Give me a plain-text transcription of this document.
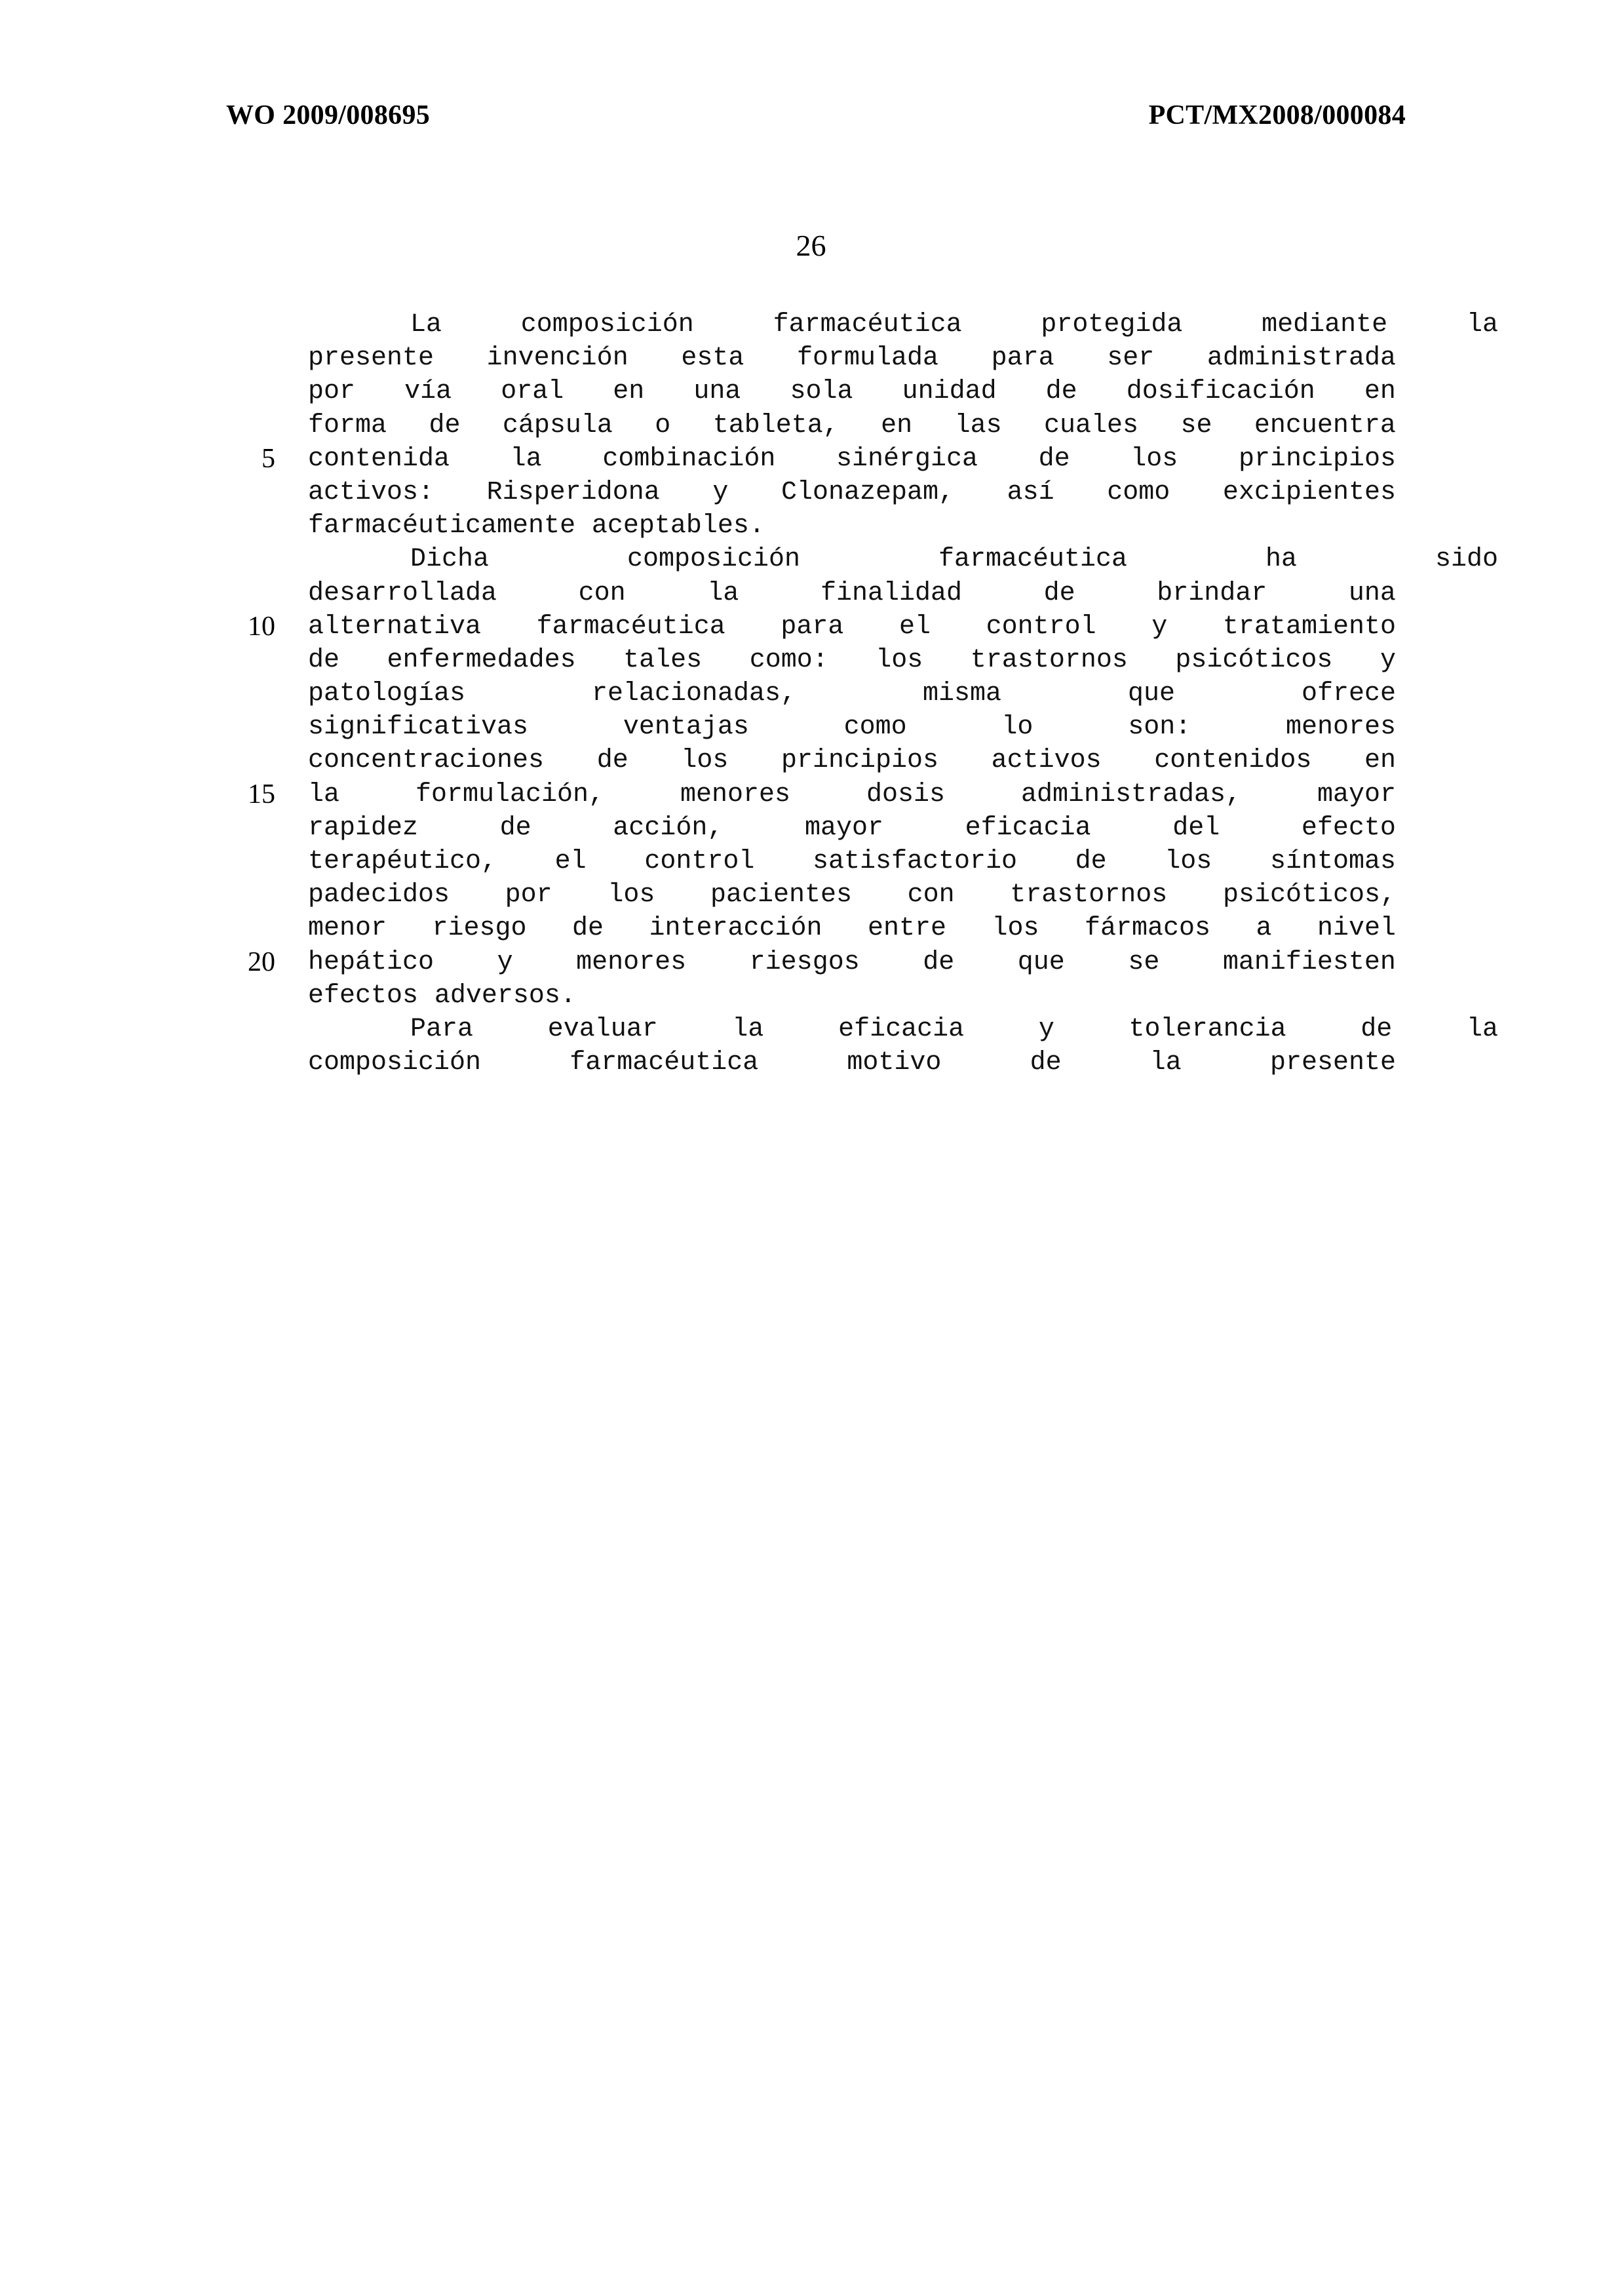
WO 2009/008695	PCT/MX2008/000084
26
5
10
15
20
La	composición	farmacéutica	protegida	mediante	la
presente invención esta formulada para ser administrada
por vía oral en una sola unidad de dosificación en
forma de cápsula o tableta, en las cuales se encuentra
contenida la combinación sinérgica de los principios
activos: Risperidona y Clonazepam, así como excipientes
farmacéuticamente aceptables.
Dicha	composición	farmacéutica	ha	sido
desarrollada	con	la	finalidad	de	brindar	una
alternativa farmacéutica para el control y tratamiento
de enfermedades tales como: los trastornos psicóticos y
patologías	relacionadas,	misma	que	ofrece
significativas	ventajas	como	lo	son:	menores
concentraciones de los principios activos contenidos en
la	formulación,	menores	dosis	administradas,	mayor
rapidez	de	acción,	mayor	eficacia	del	efecto
terapéutico, el control satisfactorio de los síntomas
padecidos por los pacientes con trastornos psicóticos,
menor riesgo de interacción entre los fármacos a nivel
hepático y menores riesgos de que se manifiesten
efectos adversos.
Para	evaluar	la	eficacia	y	tolerancia	de	la
composición	farmacéutica	motivo	de	la	presente
